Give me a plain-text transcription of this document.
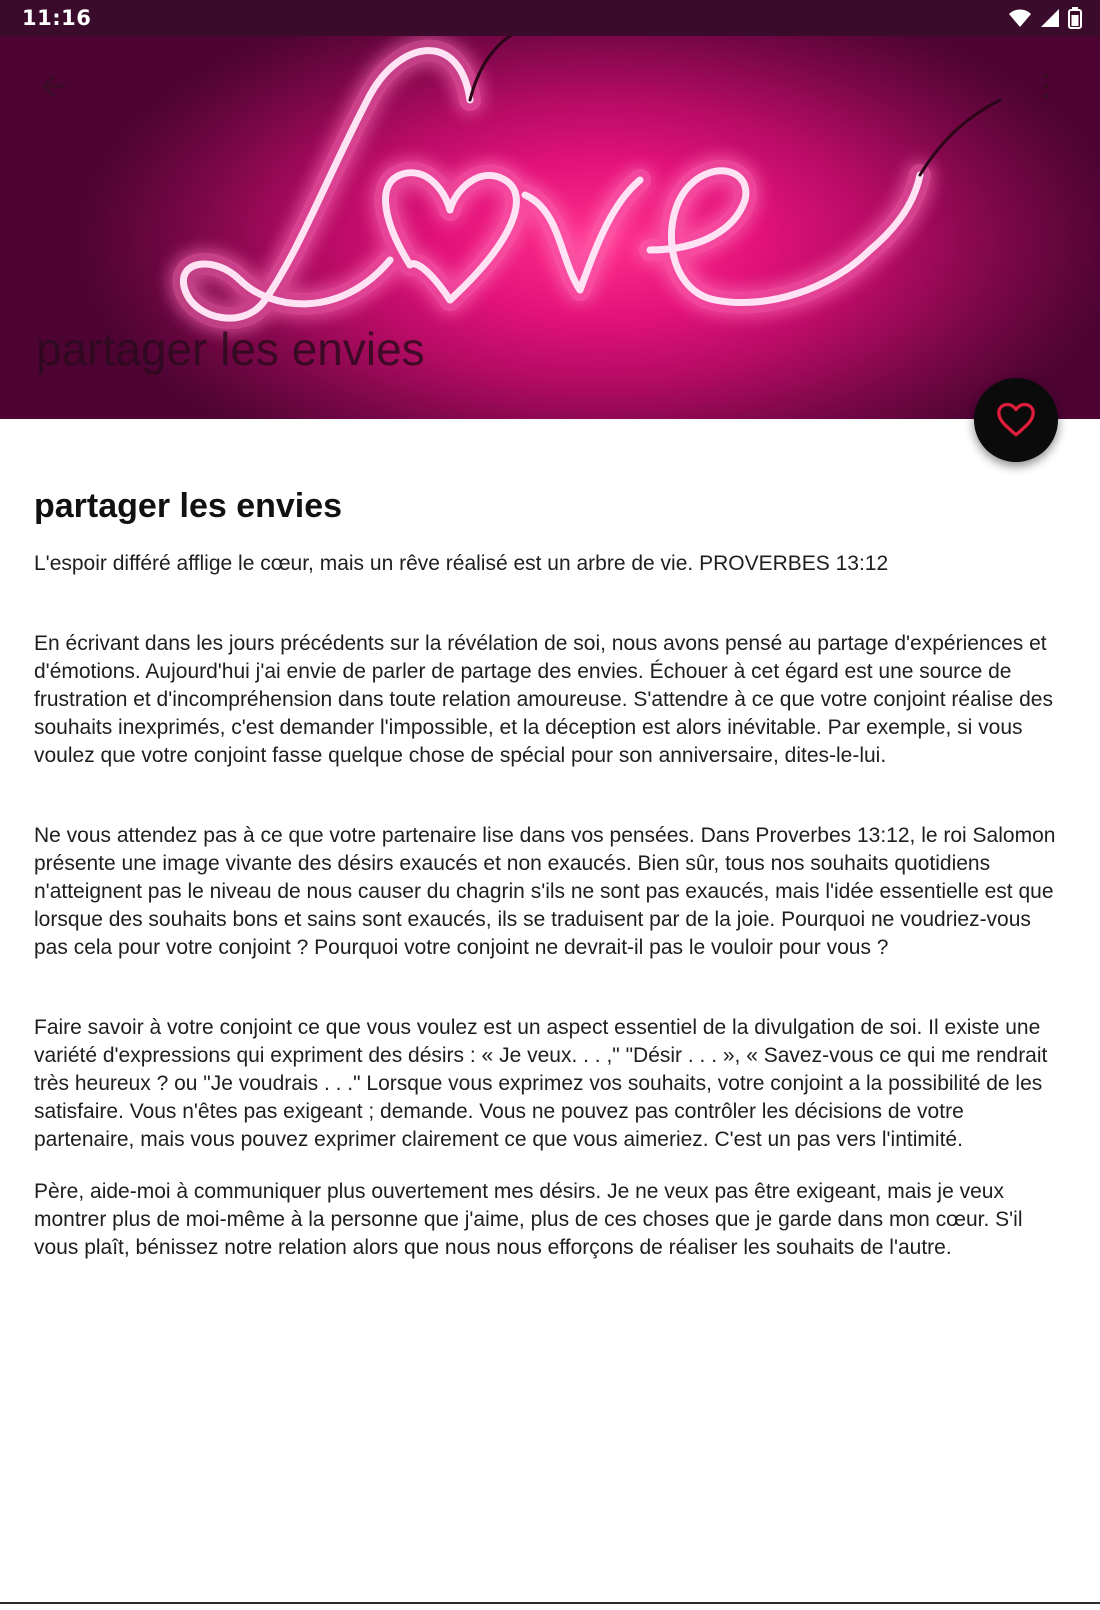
partager les envies
11:16
partager les envies

L'espoir différé afflige le cœur, mais un rêve réalisé est un arbre de vie. PROVERBES 13:12

En écrivant dans les jours précédents sur la révélation de soi, nous avons pensé au partage d'expériences et d'émotions. Aujourd'hui j'ai envie de parler de partage des envies. Échouer à cet égard est une source de frustration et d'incompréhension dans toute relation amoureuse. S'attendre à ce que votre conjoint réalise des souhaits inexprimés, c'est demander l'impossible, et la déception est alors inévitable. Par exemple, si vous voulez que votre conjoint fasse quelque chose de spécial pour son anniversaire, dites-le-lui.

Ne vous attendez pas à ce que votre partenaire lise dans vos pensées. Dans Proverbes 13:12, le roi Salomon présente une image vivante des désirs exaucés et non exaucés. Bien sûr, tous nos souhaits quotidiens n'atteignent pas le niveau de nous causer du chagrin s'ils ne sont pas exaucés, mais l'idée essentielle est que lorsque des souhaits bons et sains sont exaucés, ils se traduisent par de la joie. Pourquoi ne voudriez-vous pas cela pour votre conjoint ? Pourquoi votre conjoint ne devrait-il pas le vouloir pour vous ?

Faire savoir à votre conjoint ce que vous voulez est un aspect essentiel de la divulgation de soi. Il existe une variété d'expressions qui expriment des désirs : « Je veux. . . ," "Désir . . . », « Savez-vous ce qui me rendrait très heureux ? ou "Je voudrais . . ." Lorsque vous exprimez vos souhaits, votre conjoint a la possibilité de les satisfaire. Vous n'êtes pas exigeant ; demande. Vous ne pouvez pas contrôler les décisions de votre partenaire, mais vous pouvez exprimer clairement ce que vous aimeriez. C'est un pas vers l'intimité.

Père, aide-moi à communiquer plus ouvertement mes désirs. Je ne veux pas être exigeant, mais je veux montrer plus de moi-même à la personne que j'aime, plus de ces choses que je garde dans mon cœur. S'il vous plaît, bénissez notre relation alors que nous nous efforçons de réaliser les souhaits de l'autre.
